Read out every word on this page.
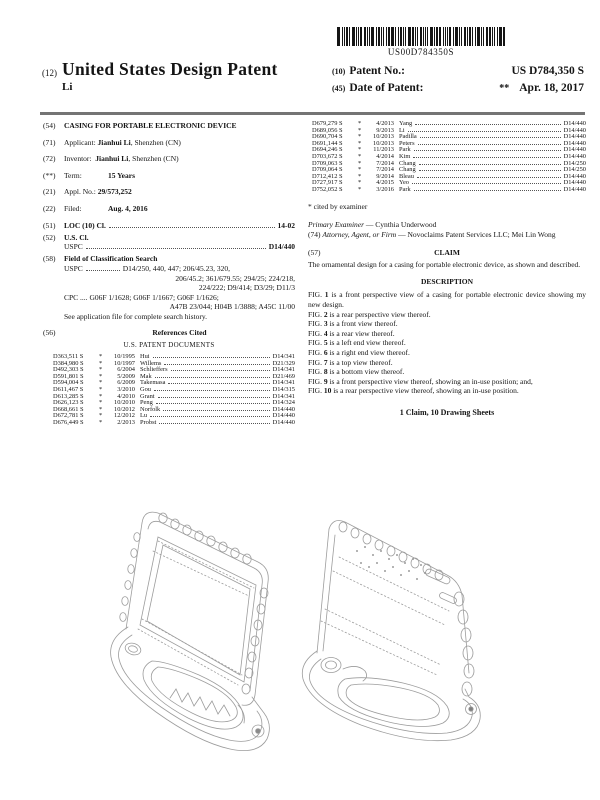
US00D784350S
(12) United States Design Patent
Li
(10) Patent No.:	US D784,350 S
(45) Date of Patent:	** Apr. 18, 2017
(54)	CASING FOR PORTABLE ELECTRONIC DEVICE
(71)	Applicant: Jianhui Li, Shenzhen (CN)
(72)	Inventor: Jianhui Li, Shenzhen (CN)
(**)	Term:	15 Years
(21)	Appl. No.: 29/573,252
(22)	Filed:	Aug. 4, 2016
(51)	LOC (10) Cl.	14-02
(52)	U.S. Cl.
USPC	D14/440
(58)	Field of Classification Search
USPC	D14/250, 440, 447; 206/45.23, 320,
206/45.2; 361/679.55; 294/25; 224/218,
224/222; D9/414; D3/29; D11/3
CPC ....
G06F 1/1628; G06F 1/1667; G06F 1/1626;
A47B 23/044; H04B 1/3888; A45C 11/00
See application file for complete search history.
(56)	References Cited
U.S. PATENT DOCUMENTS
D363,511 S	*	10/1995 Hui	D14/341
D384,980 S	*	10/1997 Willems	D21/329
D492,303 S	*	6/2004 Schlieffers	D14/341
D591,801 S	*	5/2009 Mak	D21/469
D594,004 S	*	6/2009 Takemasa	D14/341
D611,467 S	*	3/2010 Gou	D14/315
D613,285 S	*	4/2010 Grant	D14/341
D626,123 S	*	10/2010 Peng	D14/324
D668,661 S	*	10/2012 Norfolk	D14/440
D672,781 S	*	12/2012 Lu	D14/440
D676,449 S	*	2/2013 Probst	D14/440
D679,279 S	*	4/2013 Yang	D14/440
D689,056 S	*	9/2013 Li	D14/440
D690,704 S	*	10/2013 Padilla	D14/440
D691,144 S	*	10/2013 Peters	D14/440
D694,246 S	*	11/2013 Park	D14/440
D703,672 S	*	4/2014 Kim	D14/440
D709,063 S	*	7/2014 Chang	D14/250
D709,064 S	*	7/2014 Chang	D14/250
D712,412 S	*	9/2014 Bleau	D14/440
D727,917 S	*	4/2015 Yeo	D14/440
D752,052 S	*	3/2016 Park	D14/440
* cited by examiner
Primary Examiner — Cynthia Underwood
(74) Attorney, Agent, or Firm — Novoclaims Patent Services LLC; Mei Lin Wong
(57)	CLAIM
The ornamental design for a casing for portable electronic device, as shown and described.
DESCRIPTION
FIG. 1 is a front perspective view of a casing for portable electronic device showing my new design.
FIG. 2 is a rear perspective view thereof.
FIG. 3 is a front view thereof.
FIG. 4 is a rear view thereof.
FIG. 5 is a left end view thereof.
FIG. 6 is a right end view thereof.
FIG. 7 is a top view thereof.
FIG. 8 is a bottom view thereof.
FIG. 9 is a front perspective view thereof, showing an in-use position; and,
FIG. 10 is a rear perspective view thereof, showing an in-use position.
1 Claim, 10 Drawing Sheets
